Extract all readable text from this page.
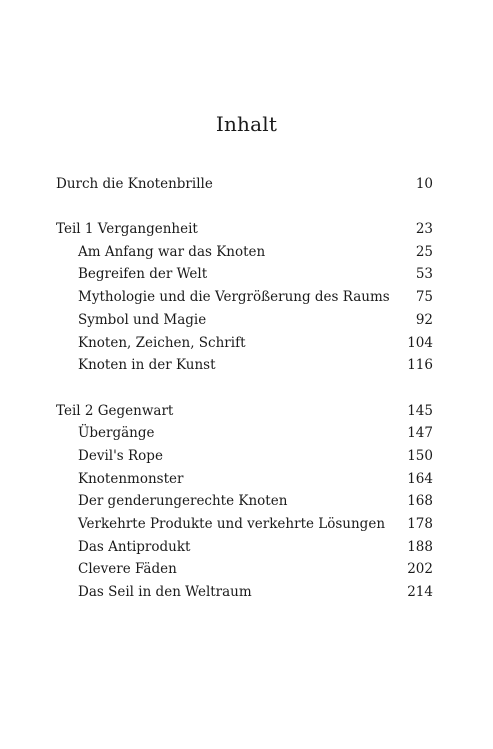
Inhalt
Durch die Knotenbrille	10
Teil 1 Vergangenheit	23
Am Anfang war das Knoten	25
Begreifen der Welt	53
Mythologie und die Vergrößerung des Raums 75
Symbol und Magie	92
Knoten, Zeichen, Schrift	104
Knoten in der Kunst	116
Teil 2 Gegenwart	145
Übergänge	147
Devil's Rope	150
Knotenmonster	164
Der genderungerechte Knoten	168
Verkehrte Produkte und verkehrte Lösungen 178
Das Antiprodukt	188
Clevere Fäden	202
Das Seil in den Weltraum	214
